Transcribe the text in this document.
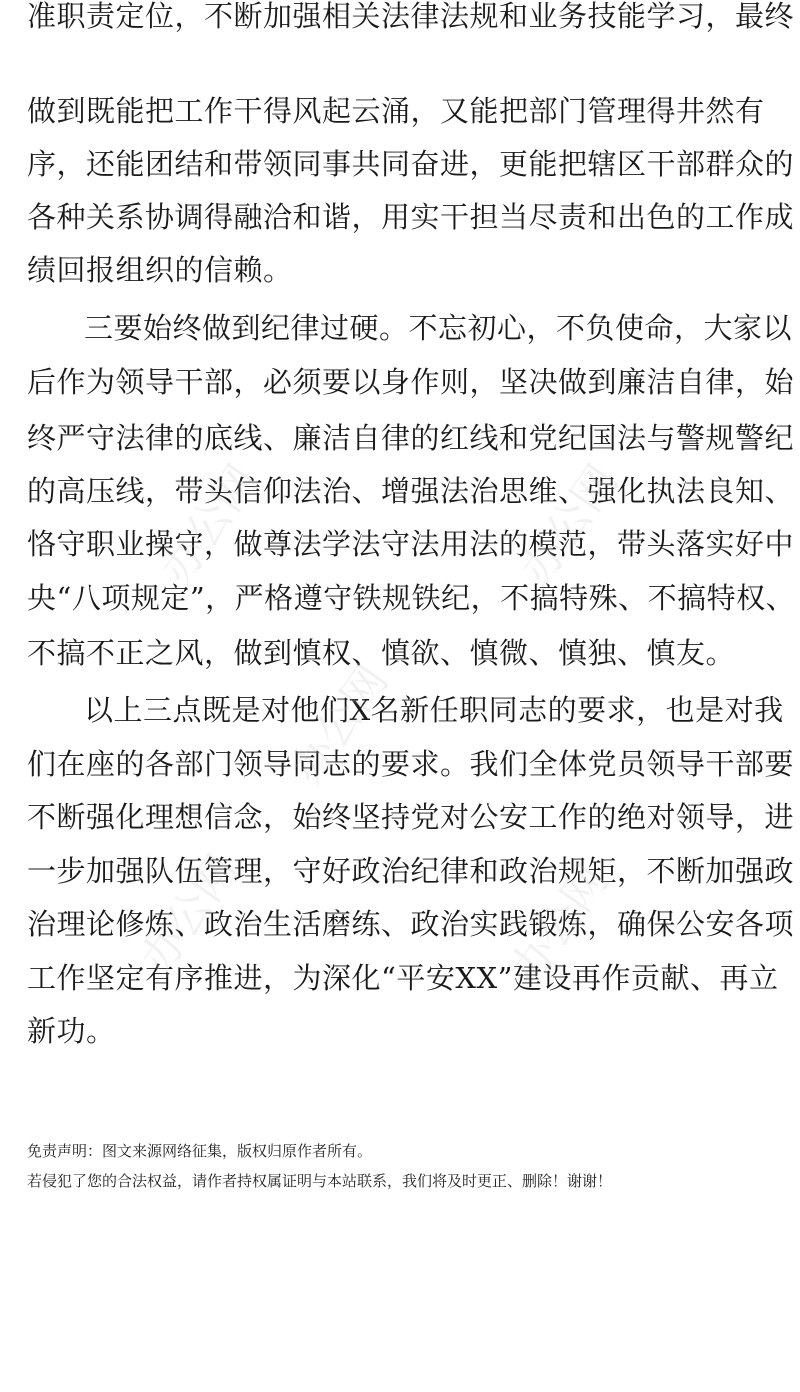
准职责定位，不断加强相关法律法规和业务技能学习，最终
做到既能把工作干得风起云涌，又能把部门管理得井然有
序，还能团结和带领同事共同奋进，更能把辖区干部群众的
各种关系协调得融洽和谐，用实干担当尽责和出色的工作成
绩回报组织的信赖。
三要始终做到纪律过硬。不忘初心，不负使命，大家以
后作为领导干部，必须要以身作则，坚决做到廉洁自律，始
终严守法律的底线、廉洁自律的红线和党纪国法与警规警纪
的高压线，带头信仰法治、增强法治思维、强化执法良知、
恪守职业操守，做尊法学法守法用法的模范，带头落实好中
央“八项规定”，严格遵守铁规铁纪，不搞特殊、不搞特权、
不搞不正之风，做到慎权、慎欲、慎微、慎独、慎友。
以上三点既是对他们X名新任职同志的要求，也是对我
们在座的各部门领导同志的要求。我们全体党员领导干部要
不断强化理想信念，始终坚持党对公安工作的绝对领导，进
一步加强队伍管理，守好政治纪律和政治规矩，不断加强政
治理论修炼、政治生活磨练、政治实践锻炼，确保公安各项
工作坚定有序推进，为深化“平安XX”建设再作贡献、再立
新功。
免责声明：图文来源网络征集，版权归原作者所有。
若侵犯了您的合法权益，请作者持权属证明与本站联系，我们将及时更正、删除！谢谢！
办公网	办公网
办公网
办公网	办公网
